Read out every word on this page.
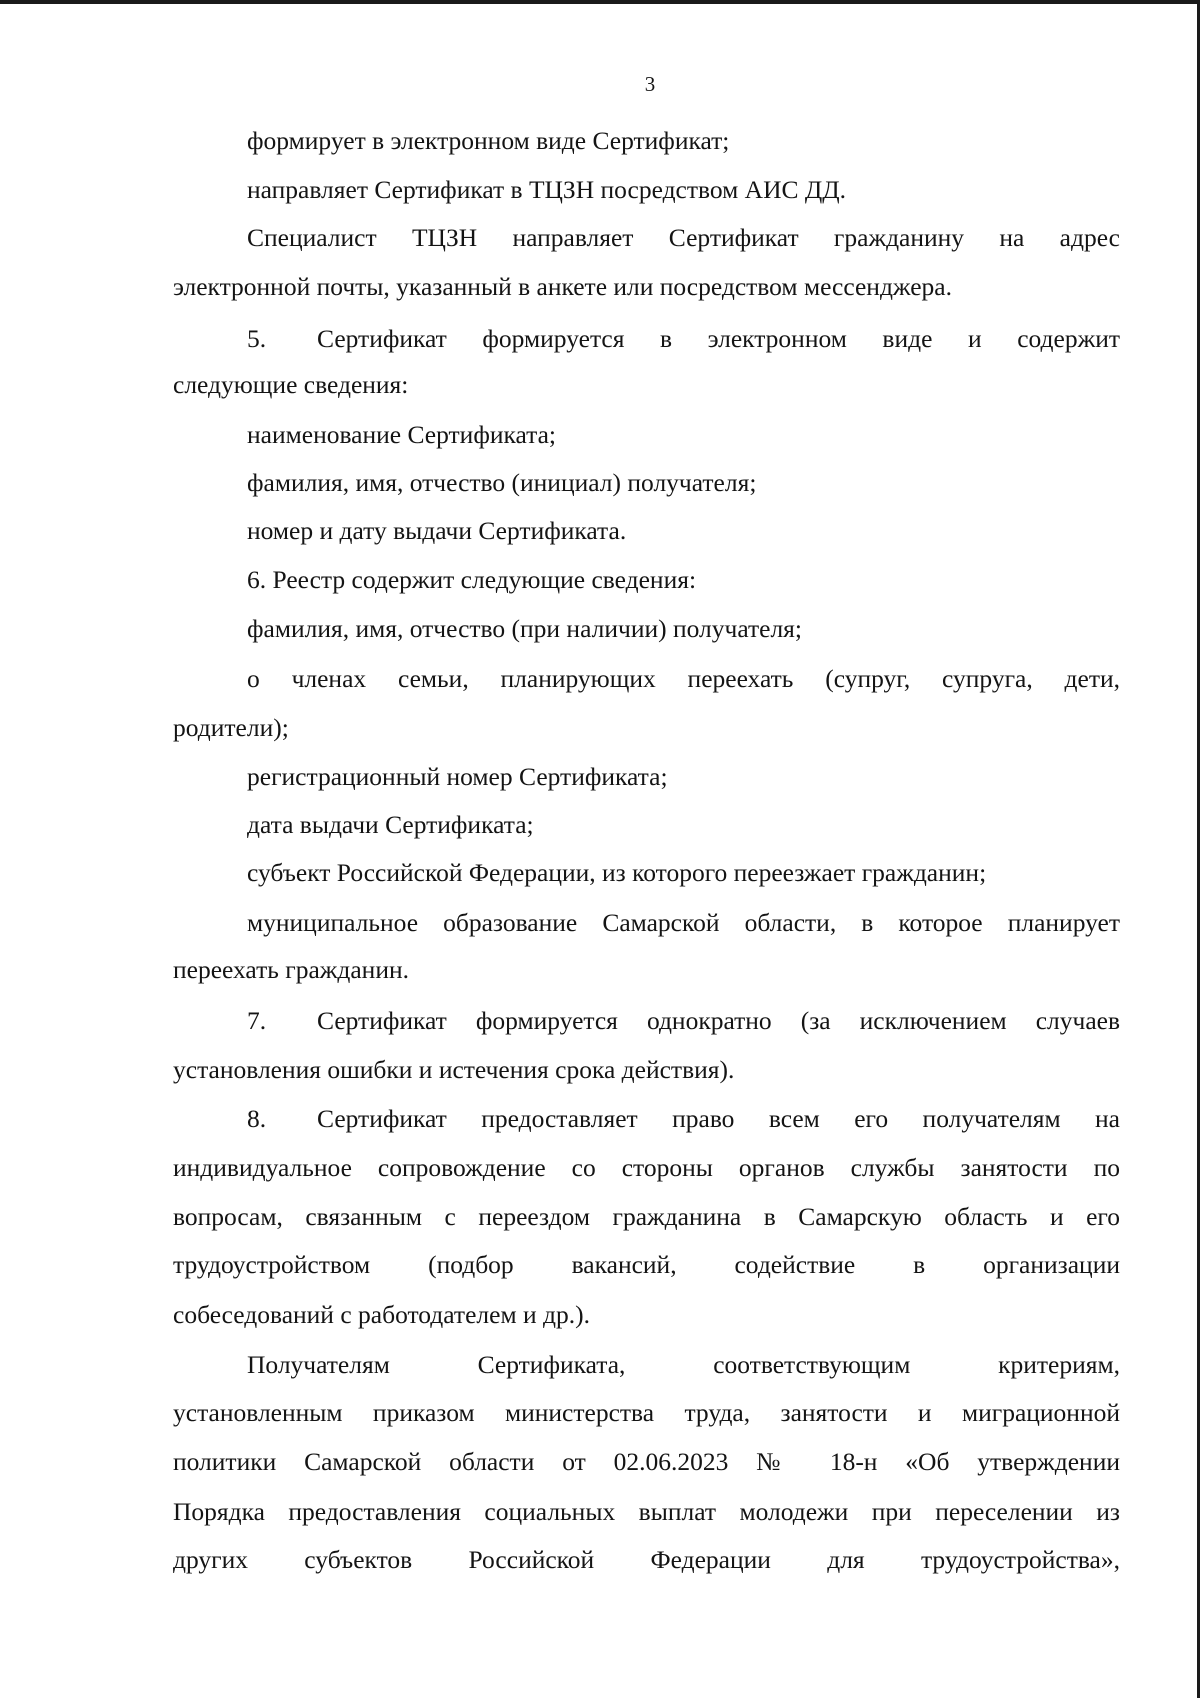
3
формирует в электронном виде Сертификат;
направляет Сертификат в ТЦЗН посредством АИС ДД.
Специалист ТЦЗН направляет Сертификат гражданину на адрес
электронной почты, указанный в анкете или посредством мессенджера.
5.	Сертификат формируется в электронном виде и содержит
следующие сведения:
наименование Сертификата;
фамилия, имя, отчество (инициал) получателя;
номер и дату выдачи Сертификата.
6. Реестр содержит следующие сведения:
фамилия, имя, отчество (при наличии) получателя;
о членах семьи, планирующих переехать (супруг, супруга, дети,
родители);
регистрационный номер Сертификата;
дата выдачи Сертификата;
субъект Российской Федерации, из которого переезжает гражданин;
муниципальное образование Самарской области, в которое планирует
переехать гражданин.
7.	Сертификат формируется однократно (за исключением случаев
установления ошибки и истечения срока действия).
8.	Сертификат предоставляет право всем его получателям на
индивидуальное сопровождение со стороны органов службы занятости по
вопросам, связанным с переездом гражданина в Самарскую область и его
трудоустройством (подбор вакансий, содействие в организации
собеседований с работодателем и др.).
Получателям Сертификата, соответствующим критериям,
установленным приказом министерства труда, занятости и миграционной
политики Самарской области от 02.06.2023 № 18-н «Об утверждении
Порядка предоставления социальных выплат молодежи при переселении из
других субъектов Российской Федерации для трудоустройства»,
